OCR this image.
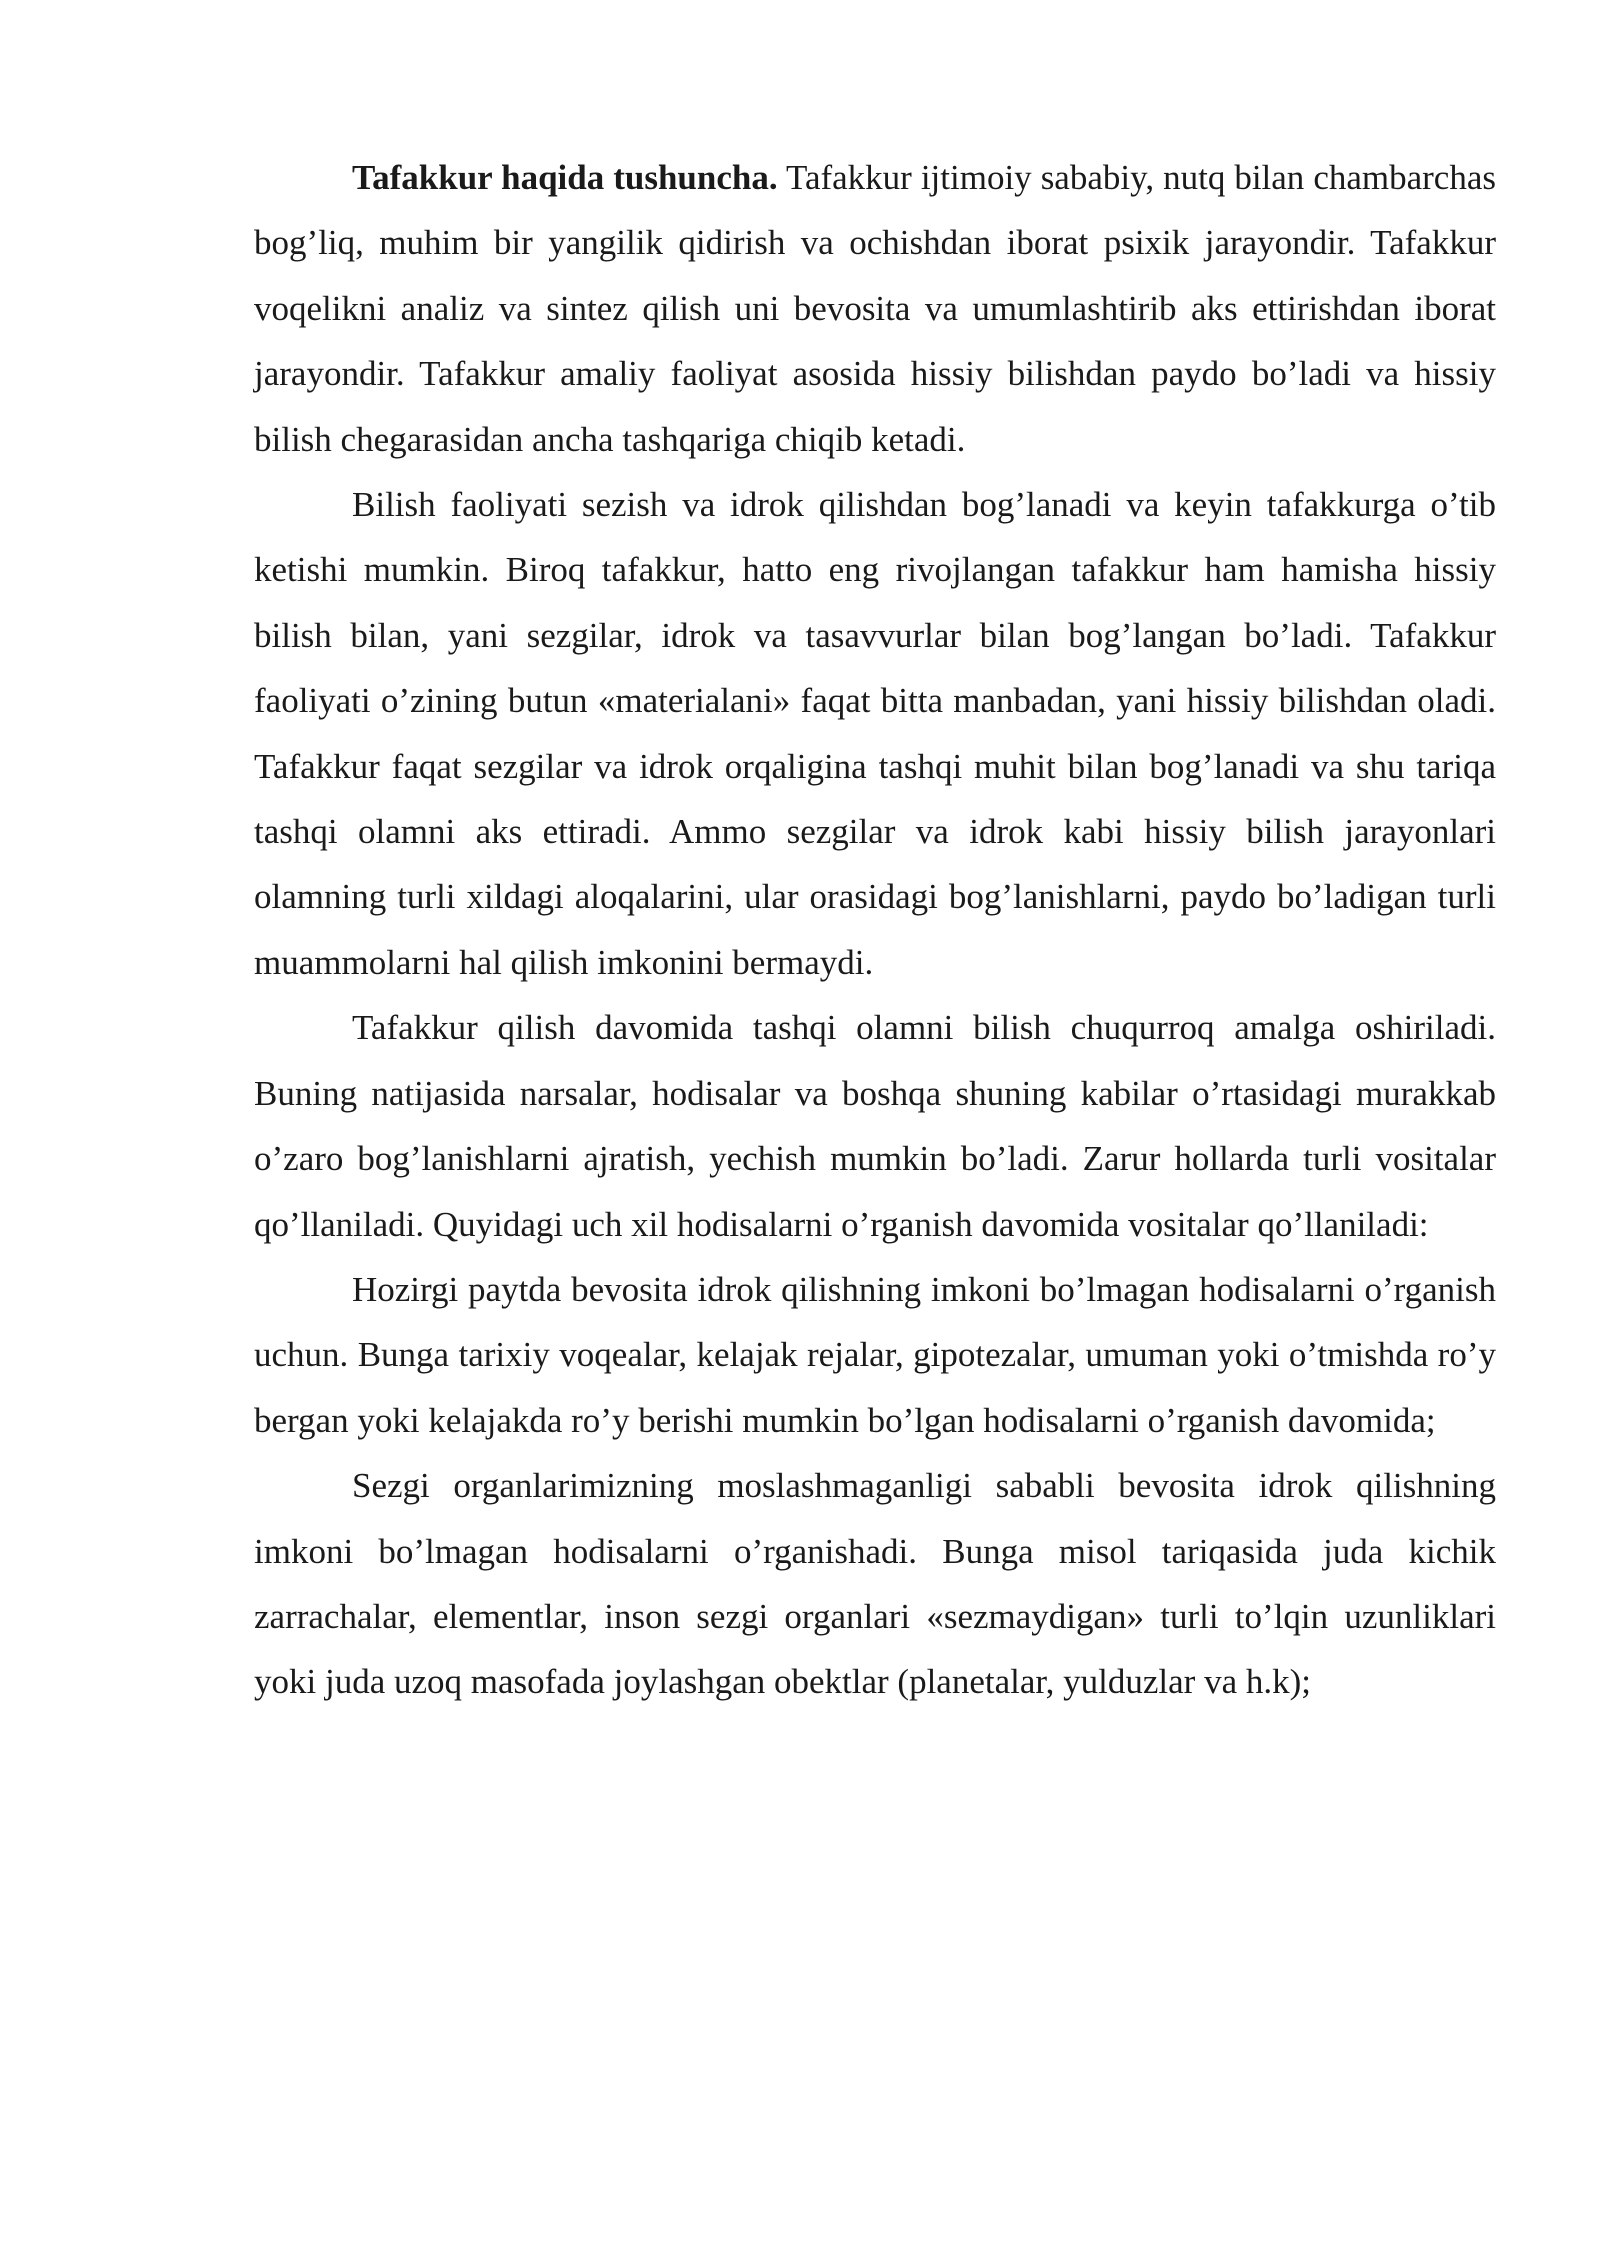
Tafakkur haqida tushuncha. Tafakkur ijtimoiy sababiy, nutq bilan chambarchas bog’liq, muhim bir yangilik qidirish va ochishdan iborat psixik jarayondir. Tafakkur voqelikni analiz va sintez qilish uni bevosita va umumlashtirib aks ettirishdan iborat jarayondir. Tafakkur amaliy faoliyat asosida hissiy bilishdan paydo bo’ladi va hissiy bilish chegarasidan ancha tashqariga chiqib ketadi.

Bilish faoliyati sezish va idrok qilishdan bog’lanadi va keyin tafakkurga o’tib ketishi mumkin. Biroq tafakkur, hatto eng rivojlangan tafakkur ham hamisha hissiy bilish bilan, yani sezgilar, idrok va tasavvurlar bilan bog’langan bo’ladi. Tafakkur faoliyati o’zining butun «materialani» faqat bitta manbadan, yani hissiy bilishdan oladi. Tafakkur faqat sezgilar va idrok orqaligina tashqi muhit bilan bog’lanadi va shu tariqa tashqi olamni aks ettiradi. Ammo sezgilar va idrok kabi hissiy bilish jarayonlari olamning turli xildagi aloqalarini, ular orasidagi bog’lanishlarni, paydo bo’ladigan turli muammolarni hal qilish imkonini bermaydi.

Tafakkur qilish davomida tashqi olamni bilish chuqurroq amalga oshiriladi. Buning natijasida narsalar, hodisalar va boshqa shuning kabilar o’rtasidagi murakkab o’zaro bog’lanishlarni ajratish, yechish mumkin bo’ladi. Zarur hollarda turli vositalar qo’llaniladi. Quyidagi uch xil hodisalarni o’rganish davomida vositalar qo’llaniladi:

Hozirgi paytda bevosita idrok qilishning imkoni bo’lmagan hodisalarni o’rganish uchun. Bunga tarixiy voqealar, kelajak rejalar, gipotezalar, umuman yoki o’tmishda ro’y bergan yoki kelajakda ro’y berishi mumkin bo’lgan hodisalarni o’rganish davomida;

Sezgi organlarimizning moslashmaganligi sababli bevosita idrok qilishning imkoni bo’lmagan hodisalarni o’rganishadi. Bunga misol tariqasida juda kichik zarrachalar, elementlar, inson sezgi organlari «sezmaydigan» turli to’lqin uzunliklari yoki juda uzoq masofada joylashgan obektlar (planetalar, yulduzlar va h.k);
